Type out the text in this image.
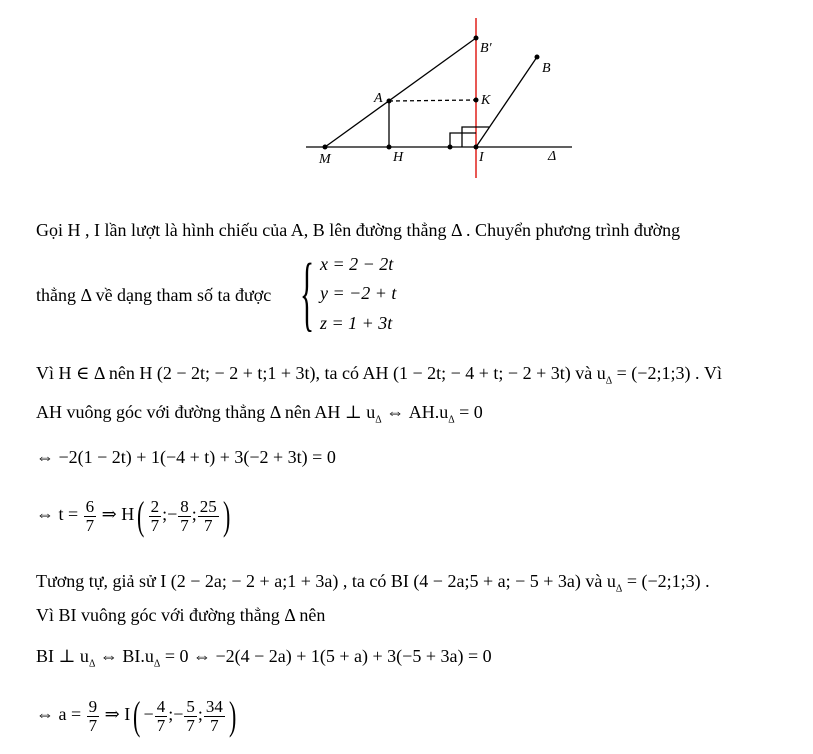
B′
B
A	K
M	H	I	Δ
Gọi H , I lần lượt là hình chiếu của A, B lên đường thẳng Δ . Chuyển phương trình đường
thẳng Δ về dạng tham số ta được { x = 2 − 2t
y = −2 + t
z = 1 + 3t
Vì H ∈ Δ nên H (2 − 2t; − 2 + t;1 + 3t), ta có AH (1 − 2t; − 4 + t; − 2 + 3t) và $u_\Delta$ = (−2;1;3) . Vì
AH vuông góc với đường thẳng Δ nên AH ⊥ $u_\Delta$ ⇔ $AH.u_\Delta = 0$
⇔ −2(1 − 2t) + 1(−4 + t) + 3(−2 + 3t) = 0
⇔ $t = \frac{6}{7}$ ⇒ $H( \frac{2}{7}$ ;− $\frac{8}{7}$ ; $\frac{25}{7}$ )
Tương tự, giả sử I (2 − 2a; − 2 + a;1 + 3a) , ta có BI (4 − 2a;5 + a; − 5 + 3a) và $u_\Delta$ = (−2;1;3) .
Vì BI vuông góc với đường thẳng Δ nên
BI ⊥ $u_\Delta$ ⇔ $BI.u_\Delta = 0$ ⇔ −2(4 − 2a) + 1(5 + a) + 3(−5 + 3a) = 0
⇔ $a = \frac{9}{7}$ ⇒ $I( - \frac{4}{7}$ ;− $\frac{5}{7}$ ; $\frac{34}{7}$ )
